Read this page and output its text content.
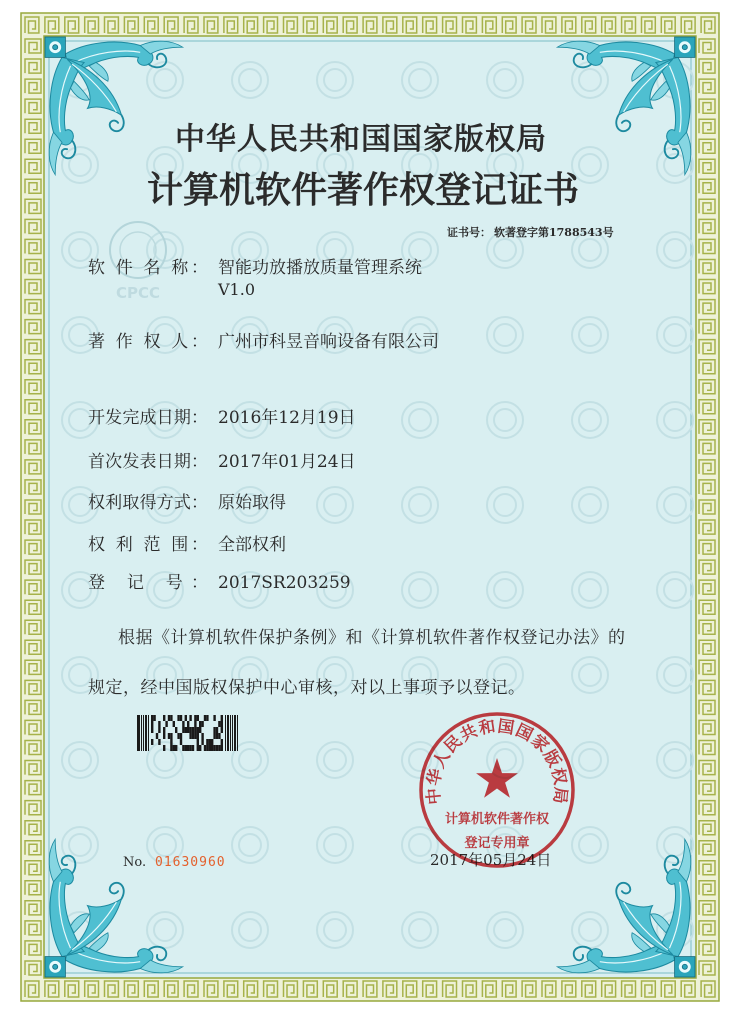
CPCC
中华人民共和国国家版权局
计算机软件著作权登记证书
证书号： 软著登字第1788543号
软 件 名 称： 智能功放播放质量管理系统
V1.0
著 作 权 人： 广州市科昱音响设备有限公司
开发完成日期： 2016年12月19日
首次发表日期： 2017年01月24日
权利取得方式： 原始取得
权 利 范 围： 全部权利
登 记 号： 2017SR203259
根据《计算机软件保护条例》和《计算机软件著作权登记办法》的
规定，经中国版权保护中心审核，对以上事项予以登记。
No. 01630960	2017年05月24日
中华人民共和国国家版权局
计算机软件著作权
登记专用章
